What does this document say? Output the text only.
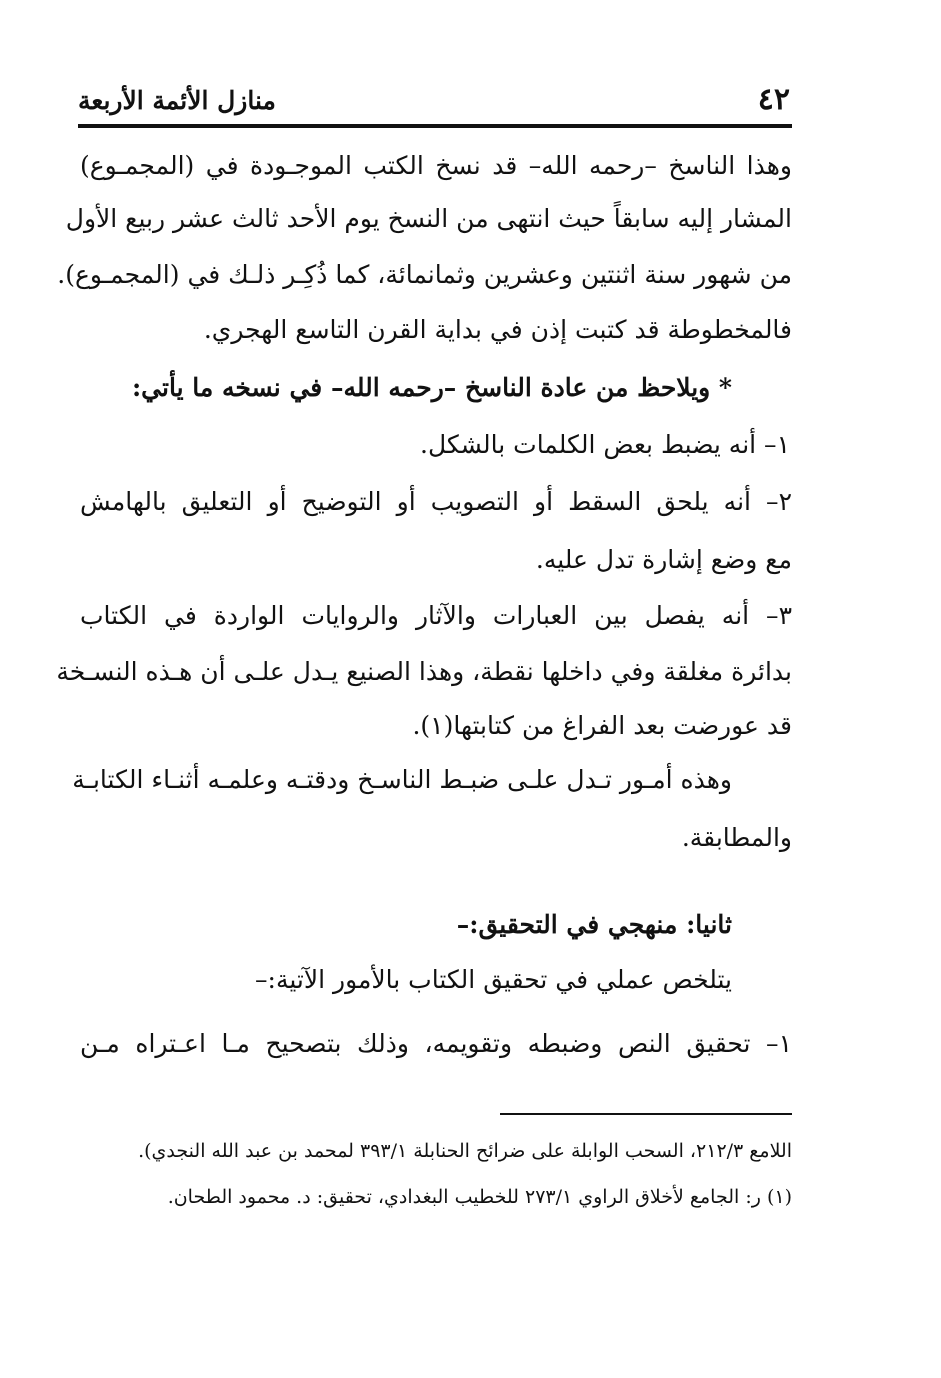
٤٢
منازل الأئمة الأربعة
وهذا الناسخ –رحمه الله– قد نسخ الكتب الموجـودة في (المجمـوع)
المشار إليه سابقاً حيث انتهى من النسخ يوم الأحد ثالث عشر ربيع الأول
من شهور سنة اثنتين وعشرين وثمانمائة، كما ذُكِـر ذلـك في (المجمـوع).
فالمخطوطة قد كتبت إذن في بداية القرن التاسع الهجري.
* ويلاحظ من عادة الناسخ –رحمه الله– في نسخه ما يأتي:
١– أنه يضبط بعض الكلمات بالشكل.
٢– أنه يلحق السقط أو التصويب أو التوضيح أو التعليق بالهامش
مع وضع إشارة تدل عليه.
٣– أنه يفصل بين العبارات والآثار والروايات الواردة في الكتاب
بدائرة مغلقة وفي داخلها نقطة، وهذا الصنيع يـدل علـى أن هـذه النسـخة
قد عورضت بعد الفراغ من كتابتها(١).
وهذه أمـور تـدل علـى ضبـط الناسـخ ودقتـه وعلمـه أثنـاء الكتابـة
والمطابقة.
ثانيا: منهجي في التحقيق:–
يتلخص عملي في تحقيق الكتاب بالأمور الآتية:–
١– تحقيق النص وضبطه وتقويمه، وذلك بتصحيح مـا اعـتراه مـن
اللامع ٢١٢/٣، السحب الوابلة على ضرائح الحنابلة ٣٩٣/١ لمحمد بن عبد الله النجدي).
(١) ر: الجامع لأخلاق الراوي ٢٧٣/١ للخطيب البغدادي، تحقيق: د. محمود الطحان.
